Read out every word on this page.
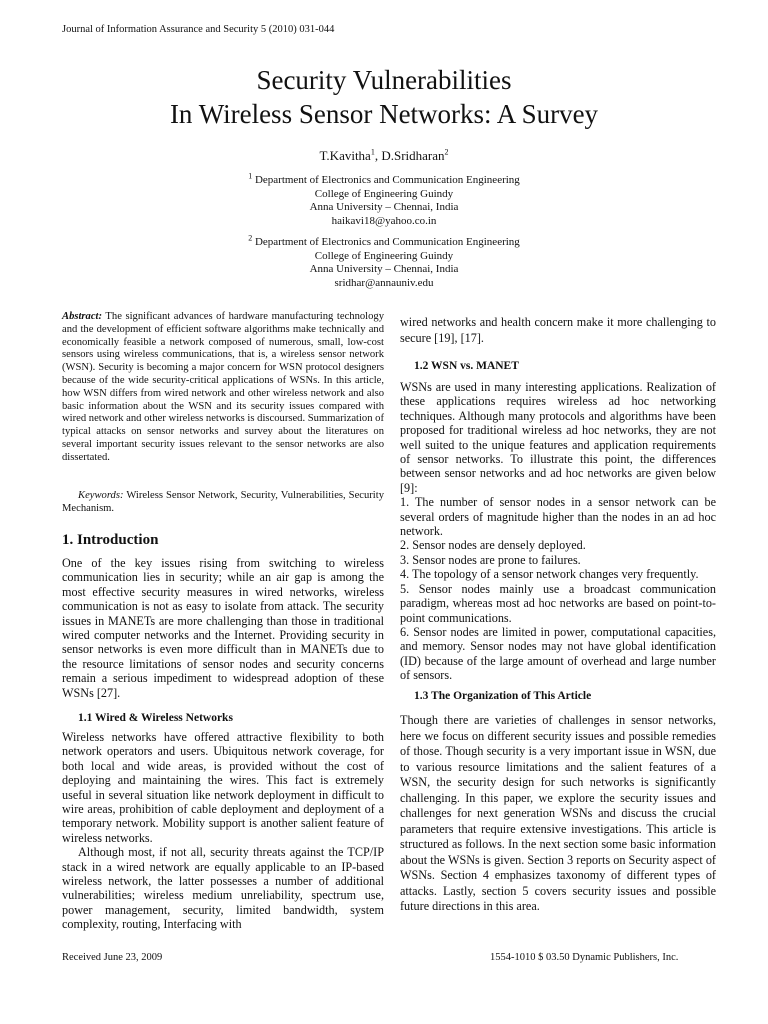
Journal of Information Assurance and Security 5 (2010) 031-044
Security Vulnerabilities
In Wireless Sensor Networks: A Survey
T.Kavitha$^1$, D.Sridharan$^2$
$^1$ Department of Electronics and Communication Engineering
College of Engineering Guindy
Anna University – Chennai, India
haikavi18@yahoo.co.in
$^2$ Department of Electronics and Communication Engineering
College of Engineering Guindy
Anna University – Chennai, India
sridhar@annauniv.edu
Abstract: The significant advances of hardware manufacturing technology and the development of efficient software algorithms make technically and economically feasible a network composed of numerous, small, low-cost sensors using wireless communications, that is, a wireless sensor network (WSN). Security is becoming a major concern for WSN protocol designers because of the wide security-critical applications of WSNs. In this article, how WSN differs from wired network and other wireless network and also basic information about the WSN and its security issues compared with wired network and other wireless networks is discoursed. Summarization of typical attacks on sensor networks and survey about the literatures on several important security issues relevant to the sensor networks are also dissertated.
Keywords: Wireless Sensor Network, Security, Vulnerabilities, Security Mechanism.
1. Introduction
One of the key issues rising from switching to wireless communication lies in security; while an air gap is among the most effective security measures in wired networks, wireless communication is not as easy to isolate from attack. The security issues in MANETs are more challenging than those in traditional wired computer networks and the Internet. Providing security in sensor networks is even more difficult than in MANETs due to the resource limitations of sensor nodes and security concerns remain a serious impediment to widespread adoption of these WSNs [27].
1.1 Wired & Wireless Networks

Wireless networks have offered attractive flexibility to both network operators and users. Ubiquitous network coverage, for both local and wide areas, is provided without the cost of deploying and maintaining the wires. This fact is extremely useful in several situation like network deployment in difficult to wire areas, prohibition of cable deployment and deployment of a temporary network. Mobility support is another salient feature of wireless networks.

Although most, if not all, security threats against the TCP/IP stack in a wired network are equally applicable to an IP-based wireless network, the latter possesses a number of additional vulnerabilities; wireless medium unreliability, spectrum use, power management, security, limited bandwidth, system complexity, routing, Interfacing with

wired networks and health concern make it more challenging to secure [19], [17].
1.2 WSN vs. MANET

WSNs are used in many interesting applications. Realization of these applications requires wireless ad hoc networking techniques. Although many protocols and algorithms have been proposed for traditional wireless ad hoc networks, they are not well suited to the unique features and application requirements of sensor networks. To illustrate this point, the differences between sensor networks and ad hoc networks are given below [9]:

1. The number of sensor nodes in a sensor network can be several orders of magnitude higher than the nodes in an ad hoc network.

2. Sensor nodes are densely deployed.

3. Sensor nodes are prone to failures.

4. The topology of a sensor network changes very frequently.

5. Sensor nodes mainly use a broadcast communication paradigm, whereas most ad hoc networks are based on point-to-point communications.

6. Sensor nodes are limited in power, computational capacities, and memory. Sensor nodes may not have global identification (ID) because of the large amount of overhead and large number of sensors.

1.3 The Organization of This Article
Though there are varieties of challenges in sensor networks, here we focus on different security issues and possible remedies of those. Though security is a very important issue in WSN, due to various resource limitations and the salient features of a WSN, the security design for such networks is significantly challenging. In this paper, we explore the security issues and challenges for next generation WSNs and discuss the crucial parameters that require extensive investigations. This article is structured as follows. In the next section some basic information about the WSNs is given. Section 3 reports on Security aspect of WSNs. Section 4 emphasizes taxonomy of different types of attacks. Lastly, section 5 covers security issues and possible future directions in this area.
Received June 23, 2009	1554-1010 $ 03.50 Dynamic Publishers, Inc.
